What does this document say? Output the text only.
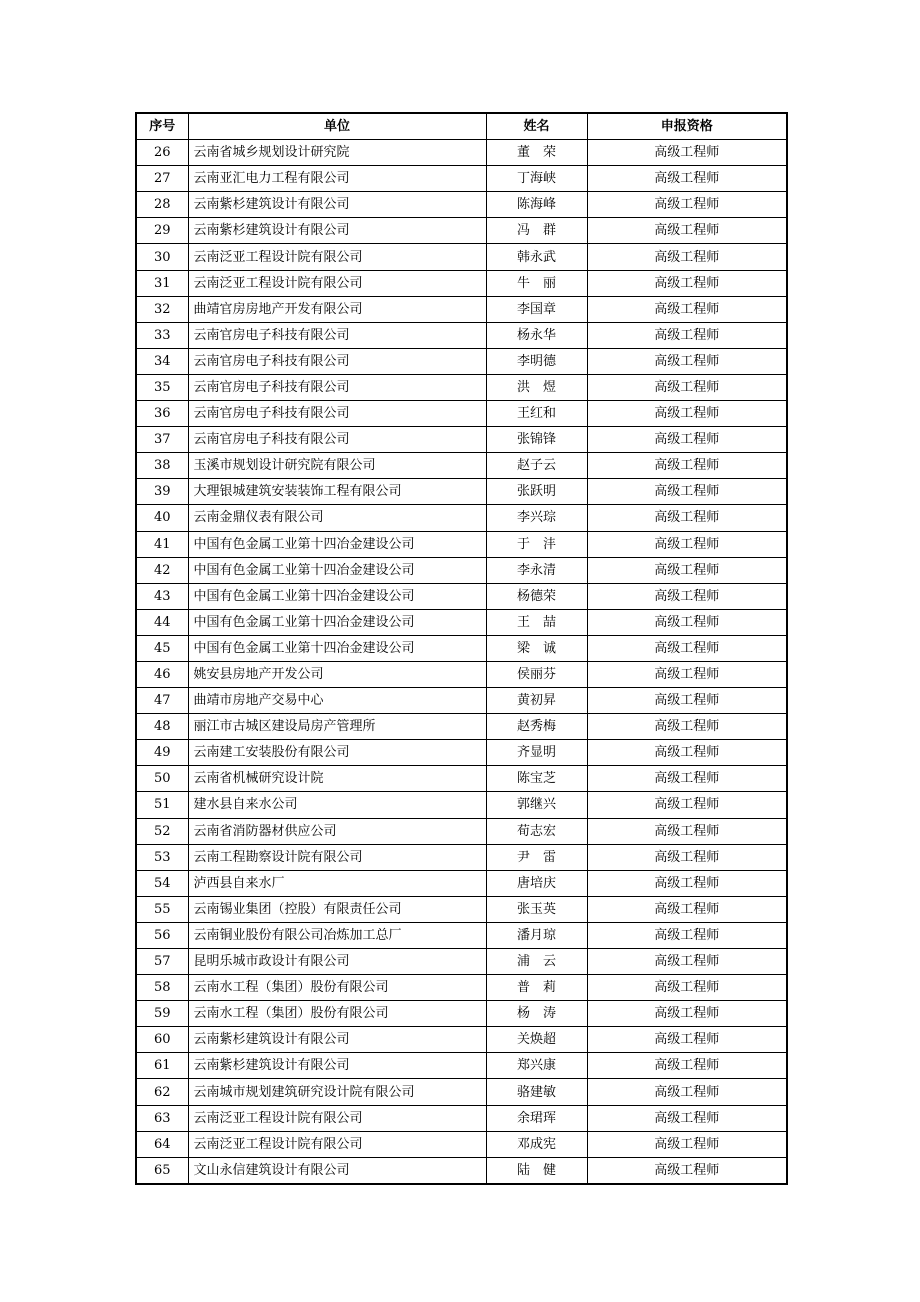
序号	单位	姓名	申报资格
26	云南省城乡规划设计研究院	董　荣	高级工程师
27	云南亚汇电力工程有限公司	丁海峡	高级工程师
28	云南紫杉建筑设计有限公司	陈海峰	高级工程师
29	云南紫杉建筑设计有限公司	冯　群	高级工程师
30	云南泛亚工程设计院有限公司	韩永武	高级工程师
31	云南泛亚工程设计院有限公司	牛　丽	高级工程师
32	曲靖官房房地产开发有限公司	李国章	高级工程师
33	云南官房电子科技有限公司	杨永华	高级工程师
34	云南官房电子科技有限公司	李明德	高级工程师
35	云南官房电子科技有限公司	洪　煜	高级工程师
36	云南官房电子科技有限公司	王红和	高级工程师
37	云南官房电子科技有限公司	张锦锋	高级工程师
38	玉溪市规划设计研究院有限公司	赵子云	高级工程师
39	大理银城建筑安装装饰工程有限公司	张跃明	高级工程师
40	云南金鼎仪表有限公司	李兴琮	高级工程师
41	中国有色金属工业第十四冶金建设公司	于　沣	高级工程师
42	中国有色金属工业第十四冶金建设公司	李永清	高级工程师
43	中国有色金属工业第十四冶金建设公司	杨德荣	高级工程师
44	中国有色金属工业第十四冶金建设公司	王　喆	高级工程师
45	中国有色金属工业第十四冶金建设公司	梁　诚	高级工程师
46	姚安县房地产开发公司	侯丽芬	高级工程师
47	曲靖市房地产交易中心	黄初昇	高级工程师
48	丽江市古城区建设局房产管理所	赵秀梅	高级工程师
49	云南建工安装股份有限公司	齐显明	高级工程师
50	云南省机械研究设计院	陈宝芝	高级工程师
51	建水县自来水公司	郭继兴	高级工程师
52	云南省消防器材供应公司	荀志宏	高级工程师
53	云南工程勘察设计院有限公司	尹　雷	高级工程师
54	泸西县自来水厂	唐培庆	高级工程师
55	云南锡业集团（控股）有限责任公司	张玉英	高级工程师
56	云南铜业股份有限公司冶炼加工总厂	潘月琼	高级工程师
57	昆明乐城市政设计有限公司	浦　云	高级工程师
58	云南水工程（集团）股份有限公司	普　莉	高级工程师
59	云南水工程（集团）股份有限公司	杨　涛	高级工程师
60	云南紫杉建筑设计有限公司	关焕超	高级工程师
61	云南紫杉建筑设计有限公司	郑兴康	高级工程师
62	云南城市规划建筑研究设计院有限公司	骆建敏	高级工程师
63	云南泛亚工程设计院有限公司	余珺珲	高级工程师
64	云南泛亚工程设计院有限公司	邓成宪	高级工程师
65	文山永信建筑设计有限公司	陆　健	高级工程师
